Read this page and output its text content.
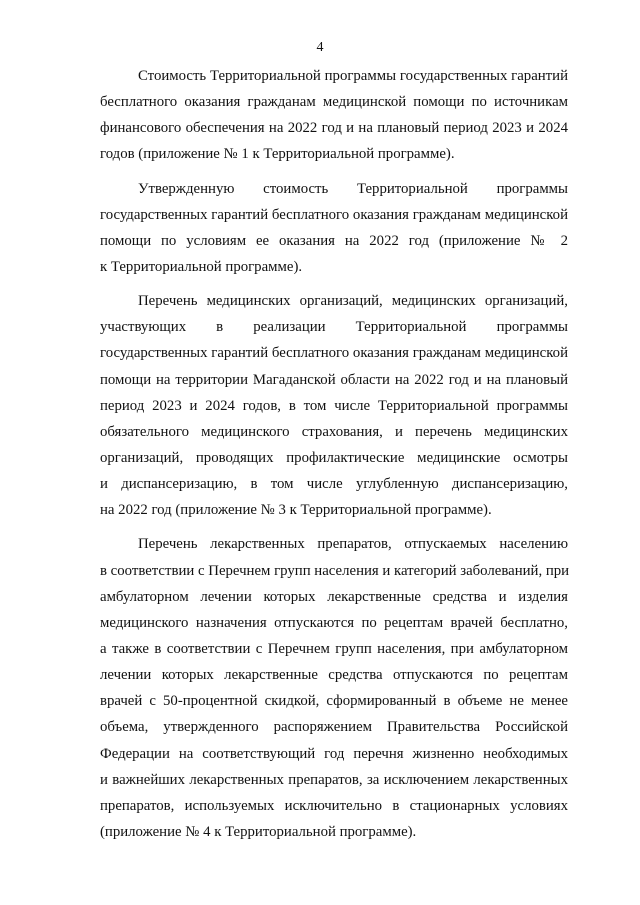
4
Стоимость Территориальной программы государственных гарантий
бесплатного оказания гражданам медицинской помощи по источникам
финансового обеспечения на 2022 год и на плановый период 2023 и 2024
годов (приложение № 1 к Территориальной программе).
Утвержденную стоимость Территориальной программы
государственных гарантий бесплатного оказания гражданам медицинской
помощи по условиям ее оказания на 2022 год (приложение № 2
к Территориальной программе).
Перечень медицинских организаций, медицинских организаций,
участвующих в реализации Территориальной программы
государственных гарантий бесплатного оказания гражданам медицинской
помощи на территории Магаданской области на 2022 год и на плановый
период 2023 и 2024 годов, в том числе Территориальной программы
обязательного медицинского страхования, и перечень медицинских
организаций, проводящих профилактические медицинские осмотры
и диспансеризацию, в том числе углубленную диспансеризацию,
на 2022 год (приложение № 3 к Территориальной программе).
Перечень лекарственных препаратов, отпускаемых населению
в соответствии с Перечнем групп населения и категорий заболеваний, при
амбулаторном лечении которых лекарственные средства и изделия
медицинского назначения отпускаются по рецептам врачей бесплатно,
а также в соответствии с Перечнем групп населения, при амбулаторном
лечении которых лекарственные средства отпускаются по рецептам
врачей с 50-процентной скидкой, сформированный в объеме не менее
объема, утвержденного распоряжением Правительства Российской
Федерации на соответствующий год перечня жизненно необходимых
и важнейших лекарственных препаратов, за исключением лекарственных
препаратов, используемых исключительно в стационарных условиях
(приложение № 4 к Территориальной программе).
